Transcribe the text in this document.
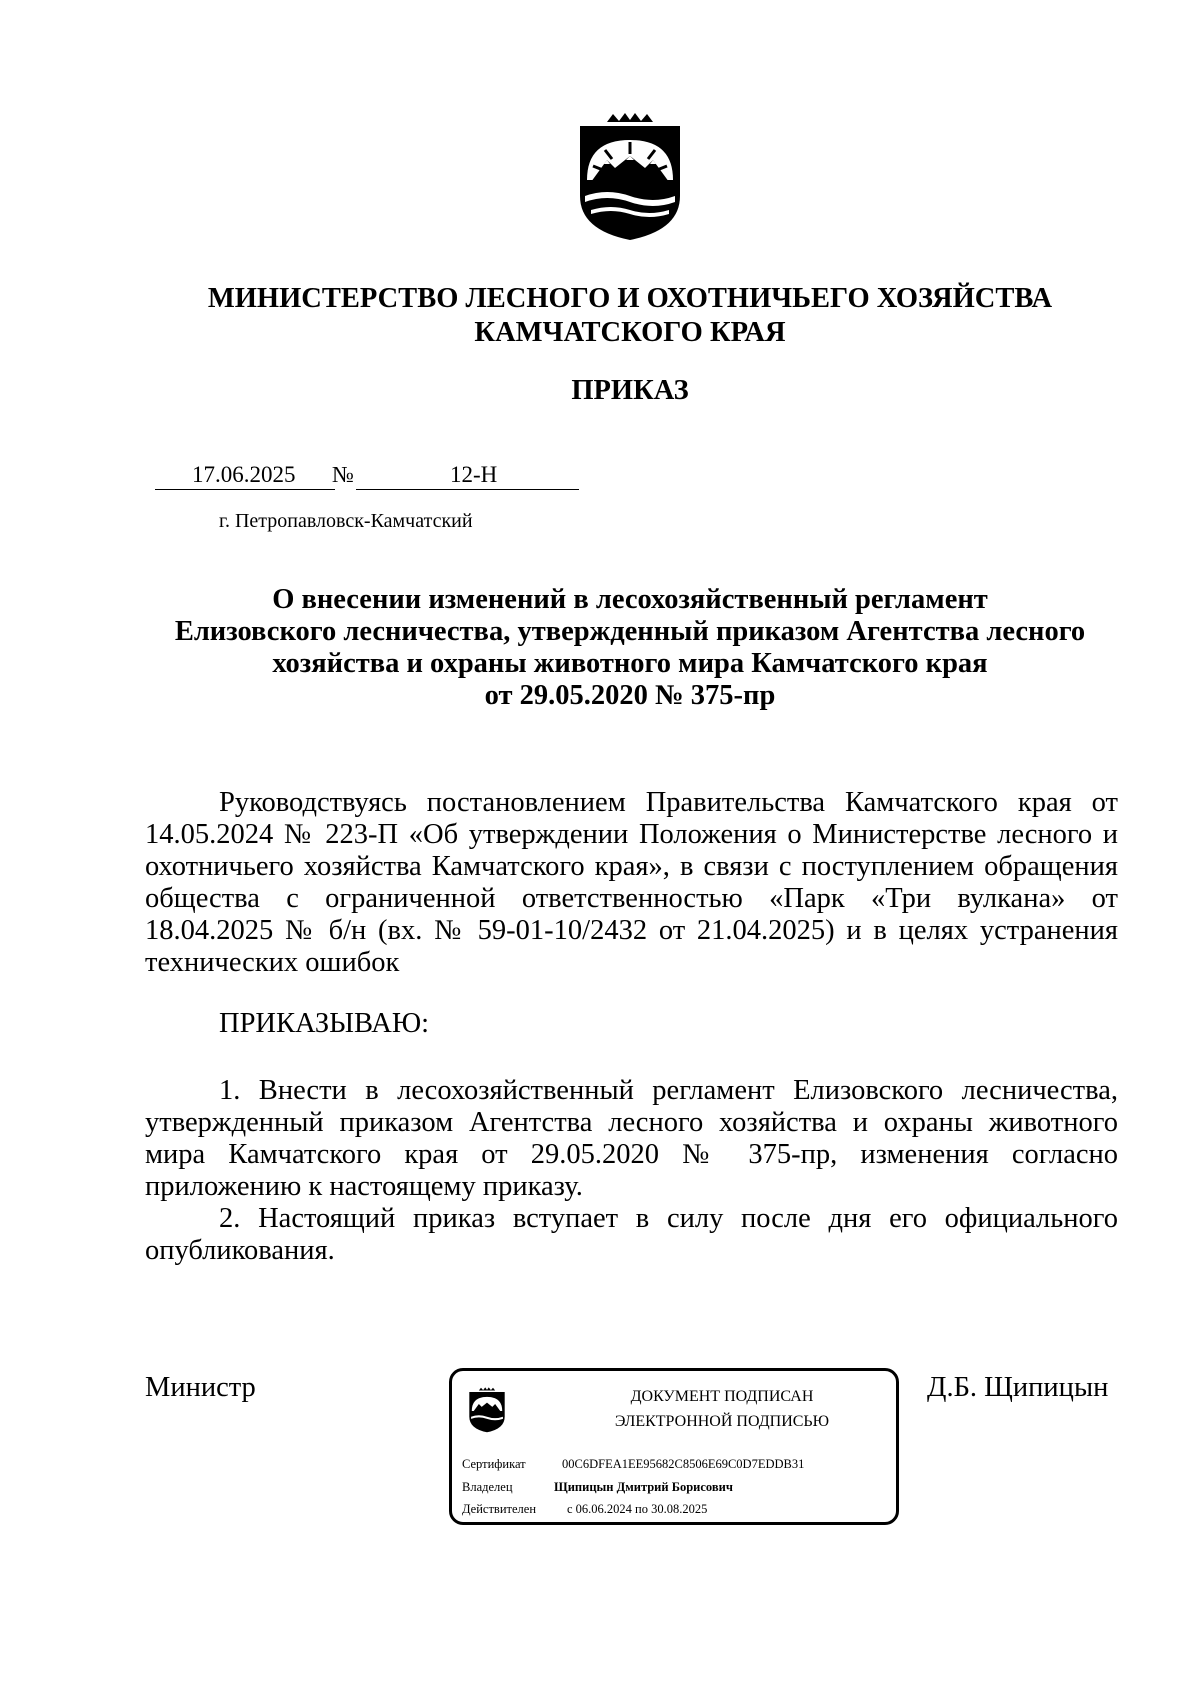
МИНИСТЕРСТВО ЛЕСНОГО И ОХОТНИЧЬЕГО ХОЗЯЙСТВА
КАМЧАТСКОГО КРАЯ
ПРИКАЗ
17.06.2025 №	12-Н
г. Петропавловск-Камчатский
О внесении изменений в лесохозяйственный регламент
Елизовского лесничества, утвержденный приказом Агентства лесного
хозяйства и охраны животного мира Камчатского края
от 29.05.2020 № 375-пр

Руководствуясь постановлением Правительства Камчатского края от 14.05.2024 № 223-П «Об утверждении Положения о Министерстве лесного и охотничьего хозяйства Камчатского края», в связи с поступлением обращения общества с ограниченной ответственностью «Парк «Три вулкана» от 18.04.2025 № б/н (вх. № 59-01-10/2432 от 21.04.2025) и в целях устранения технических ошибок

ПРИКАЗЫВАЮ:

1. Внести в лесохозяйственный регламент Елизовского лесничества, утвержденный приказом Агентства лесного хозяйства и охраны животного мира Камчатского края от 29.05.2020 № 375-пр, изменения согласно приложению к настоящему приказу.

2. Настоящий приказ вступает в силу после дня его официального опубликования.

Министр	Д.Б. Щипицын
ДОКУМЕНТ ПОДПИСАН
ЭЛЕКТРОННОЙ ПОДПИСЬЮ
Сертификат	00C6DFEA1EE95682C8506E69C0D7EDDB31
Владелец	Щипицын Дмитрий Борисович
Действителен с 06.06.2024 по 30.08.2025
